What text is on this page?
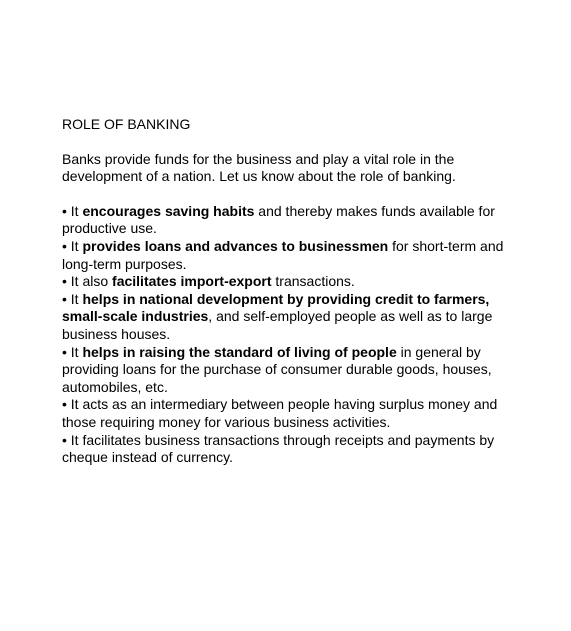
ROLE OF BANKING

Banks provide funds for the business and play a vital role in the development of a nation. Let us know about the role of banking.

• It encourages saving habits and thereby makes funds available for productive use.
• It provides loans and advances to businessmen for short-term and long-term purposes.
• It also facilitates import-export transactions.
• It helps in national development by providing credit to farmers, small-scale industries, and self-employed people as well as to large business houses.
• It helps in raising the standard of living of people in general by providing loans for the purchase of consumer durable goods, houses, automobiles, etc.
• It acts as an intermediary between people having surplus money and those requiring money for various business activities.
• It facilitates business transactions through receipts and payments by cheque instead of currency.
